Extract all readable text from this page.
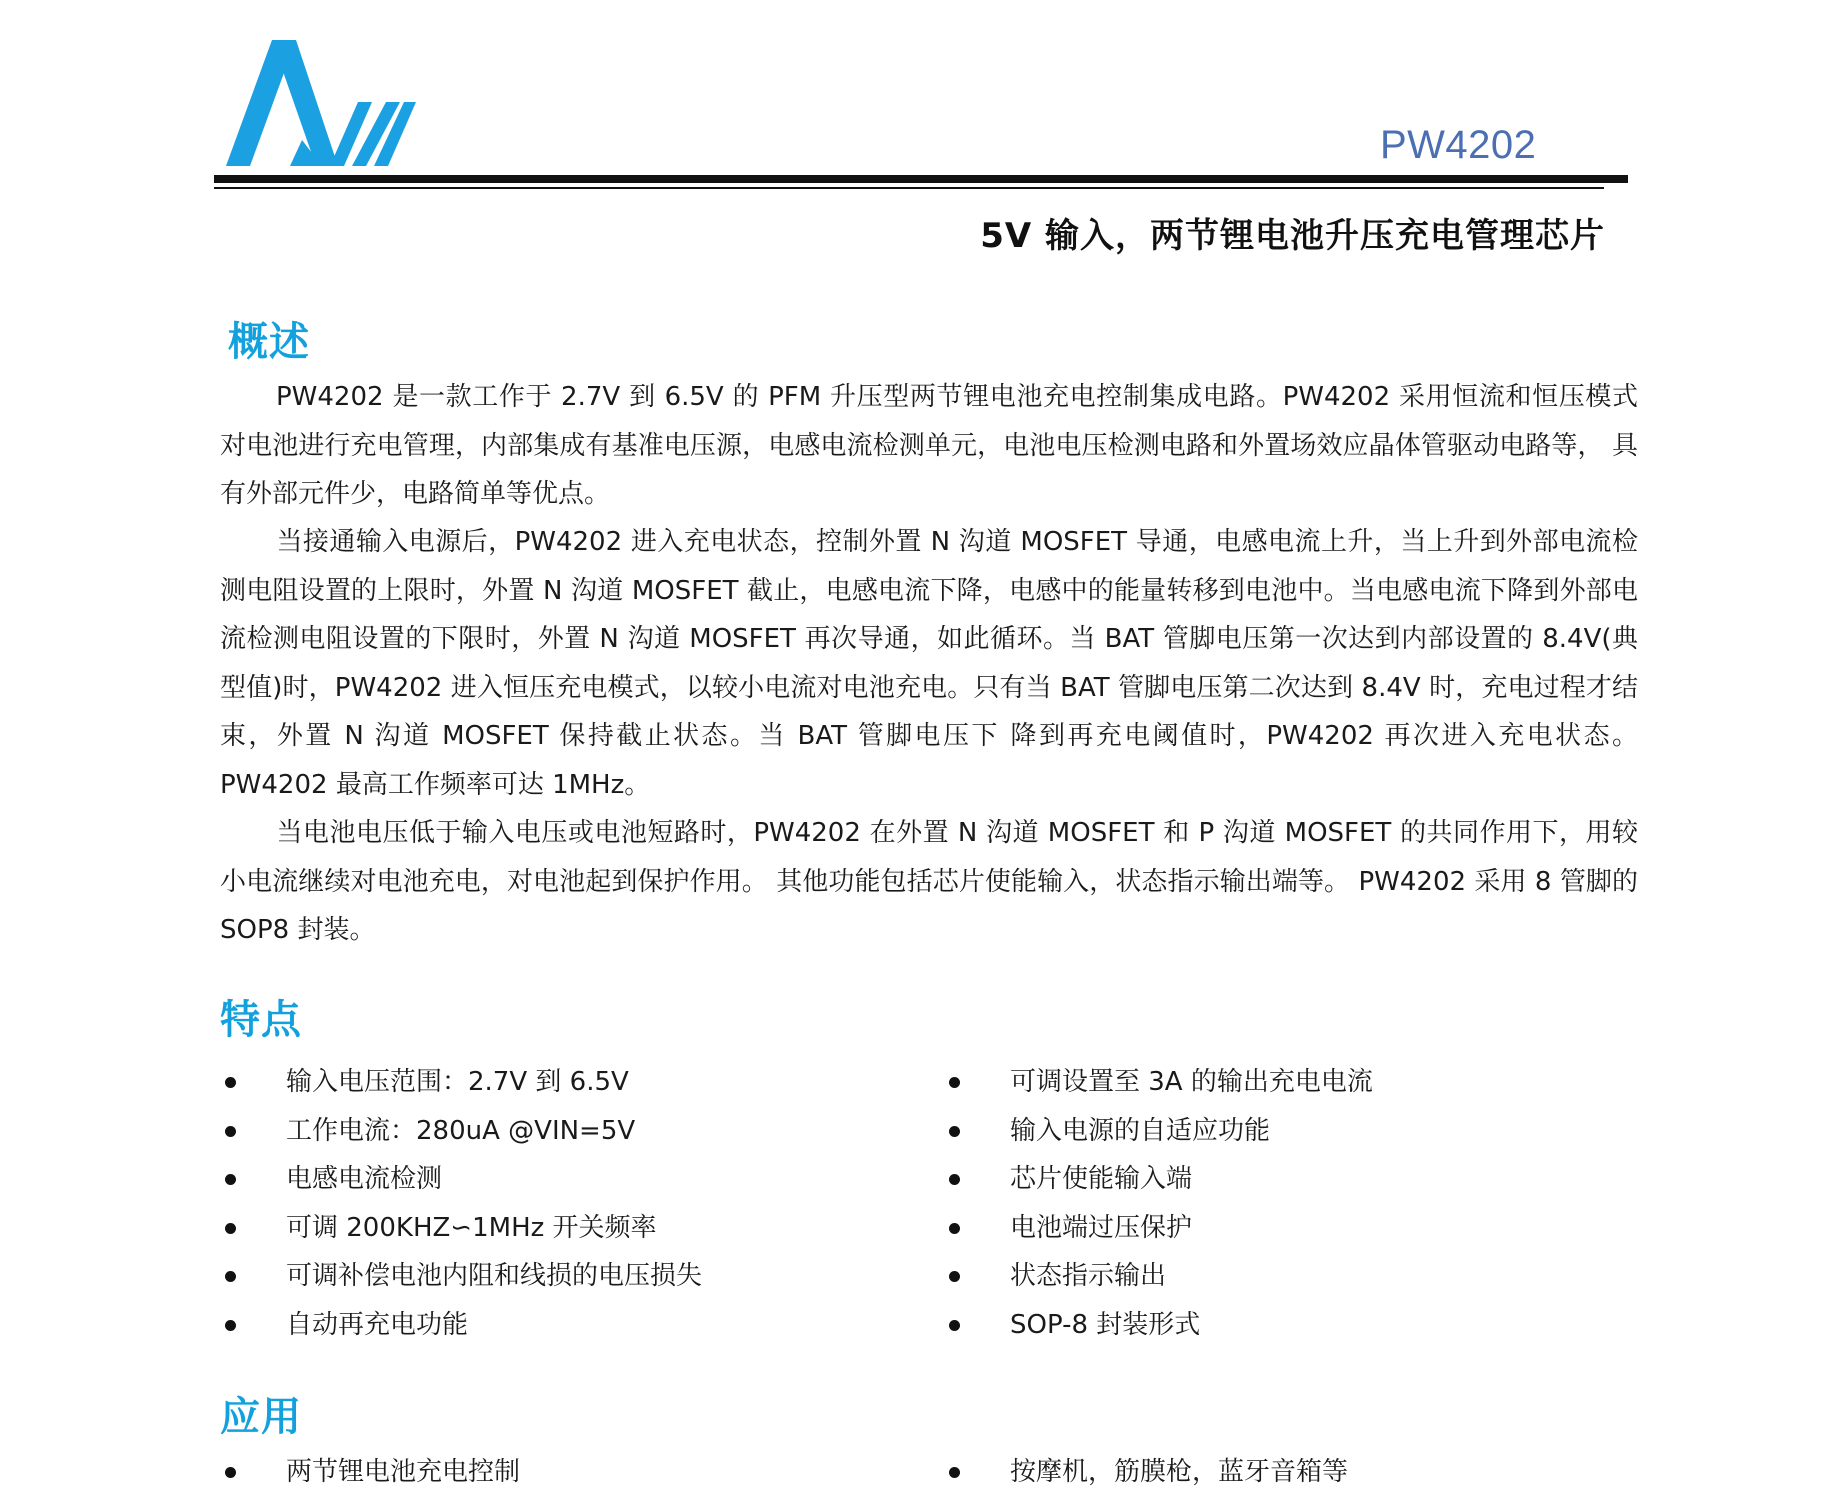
PW4202
5V 输入，两节锂电池升压充电管理芯片
概述

PW4202 是一款工作于 2.7V 到 6.5V 的 PFM 升压型两节锂电池充电控制集成电路。PW4202 采用恒流和恒压模式对电池进行充电管理，内部集成有基准电压源，电感电流检测单元，电池电压检测电路和外置场效应晶体管驱动电路等， 具有外部元件少，电路简单等优点。

当接通输入电源后，PW4202 进入充电状态，控制外置 N 沟道 MOSFET 导通，电感电流上升，当上升到外部电流检测电阻设置的上限时，外置 N 沟道 MOSFET 截止，电感电流下降，电感中的能量转移到电池中。当电感电流下降到外部电流检测电阻设置的下限时，外置 N 沟道 MOSFET 再次导通，如此循环。当 BAT 管脚电压第一次达到内部设置的 8.4V(典型值)时，PW4202 进入恒压充电模式，以较小电流对电池充电。只有当 BAT 管脚电压第二次达到 8.4V 时，充电过程才结束，外置 N 沟道 MOSFET 保持截止状态。当 BAT 管脚电压下 降到再充电阈值时，PW4202 再次进入充电状态。 PW4202 最高工作频率可达 1MHz。

当电池电压低于输入电压或电池短路时，PW4202 在外置 N 沟道 MOSFET 和 P 沟道 MOSFET 的共同作用下，用较小电流继续对电池充电，对电池起到保护作用。 其他功能包括芯片使能输入，状态指示输出端等。 PW4202 采用 8 管脚的 SOP8 封装。

特点
输入电压范围：2.7V 到 6.5V
工作电流：280uA @VIN=5V
电感电流检测
可调 200KHZ∽1MHz 开关频率
可调补偿电池内阻和线损的电压损失
自动再充电功能
可调设置至 3A 的输出充电电流
输入电源的自适应功能
芯片使能输入端
电池端过压保护
状态指示输出
SOP-8 封装形式
应用
两节锂电池充电控制	按摩机，筋膜枪，蓝牙音箱等
